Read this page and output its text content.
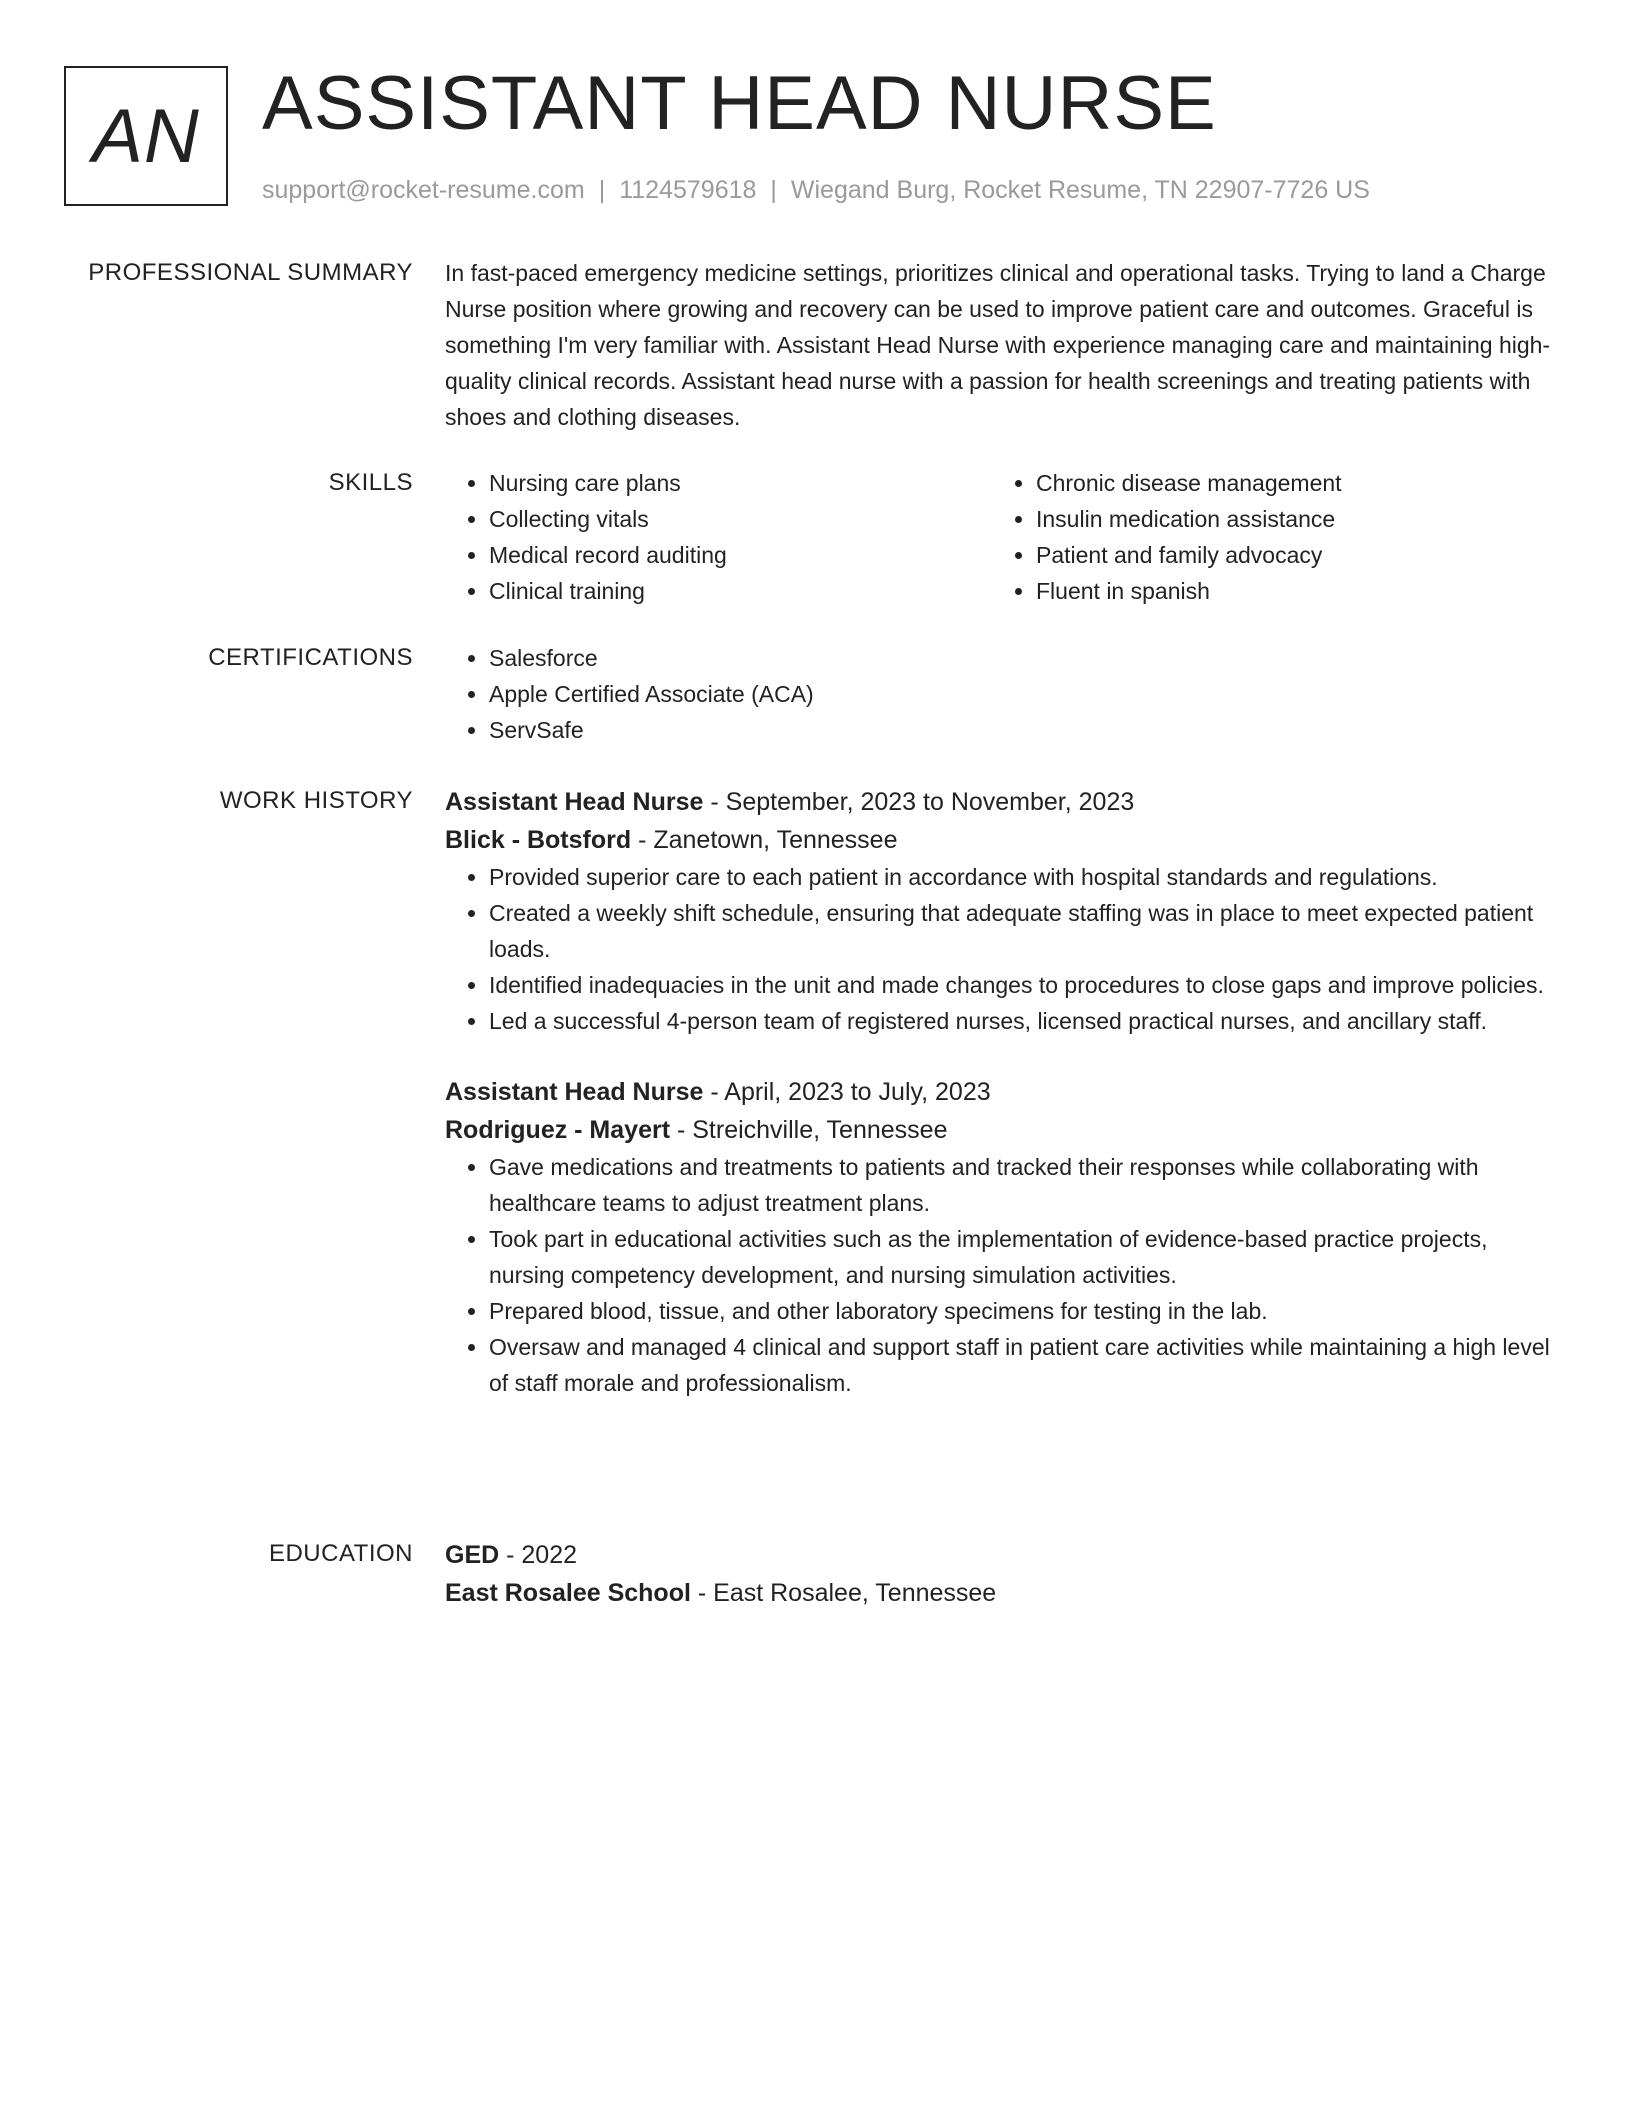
AN ASSISTANT HEAD NURSE
support@rocket-resume.com | 1124579618 | Wiegand Burg, Rocket Resume, TN 22907-7726 US
PROFESSIONAL SUMMARY In fast-paced emergency medicine settings, prioritizes clinical and operational tasks. Trying to land a Charge Nurse position where growing and recovery can be used to improve patient care and outcomes. Graceful is something I'm very familiar with. Assistant Head Nurse with experience managing care and maintaining high-quality clinical records. Assistant head nurse with a passion for health screenings and treating patients with shoes and clothing diseases.
SKILLS	• Nursing care plans
• Collecting vitals
• Medical record auditing
• Clinical training
• Chronic disease management
• Insulin medication assistance
• Patient and family advocacy
• Fluent in spanish
CERTIFICATIONS	• Salesforce
• Apple Certified Associate (ACA)
• ServSafe
WORK HISTORY Assistant Head Nurse - September, 2023 to November, 2023
Blick - Botsford - Zanetown, Tennessee
• Provided superior care to each patient in accordance with hospital standards and regulations.
• Created a weekly shift schedule, ensuring that adequate staffing was in place to meet expected patient loads.
• Identified inadequacies in the unit and made changes to procedures to close gaps and improve policies.
• Led a successful 4-person team of registered nurses, licensed practical nurses, and ancillary staff.
Assistant Head Nurse - April, 2023 to July, 2023
Rodriguez - Mayert - Streichville, Tennessee
• Gave medications and treatments to patients and tracked their responses while collaborating with healthcare teams to adjust treatment plans.
• Took part in educational activities such as the implementation of evidence-based practice projects, nursing competency development, and nursing simulation activities.
• Prepared blood, tissue, and other laboratory specimens for testing in the lab.
• Oversaw and managed 4 clinical and support staff in patient care activities while maintaining a high level of staff morale and professionalism.
EDUCATION GED - 2022
East Rosalee School - East Rosalee, Tennessee
